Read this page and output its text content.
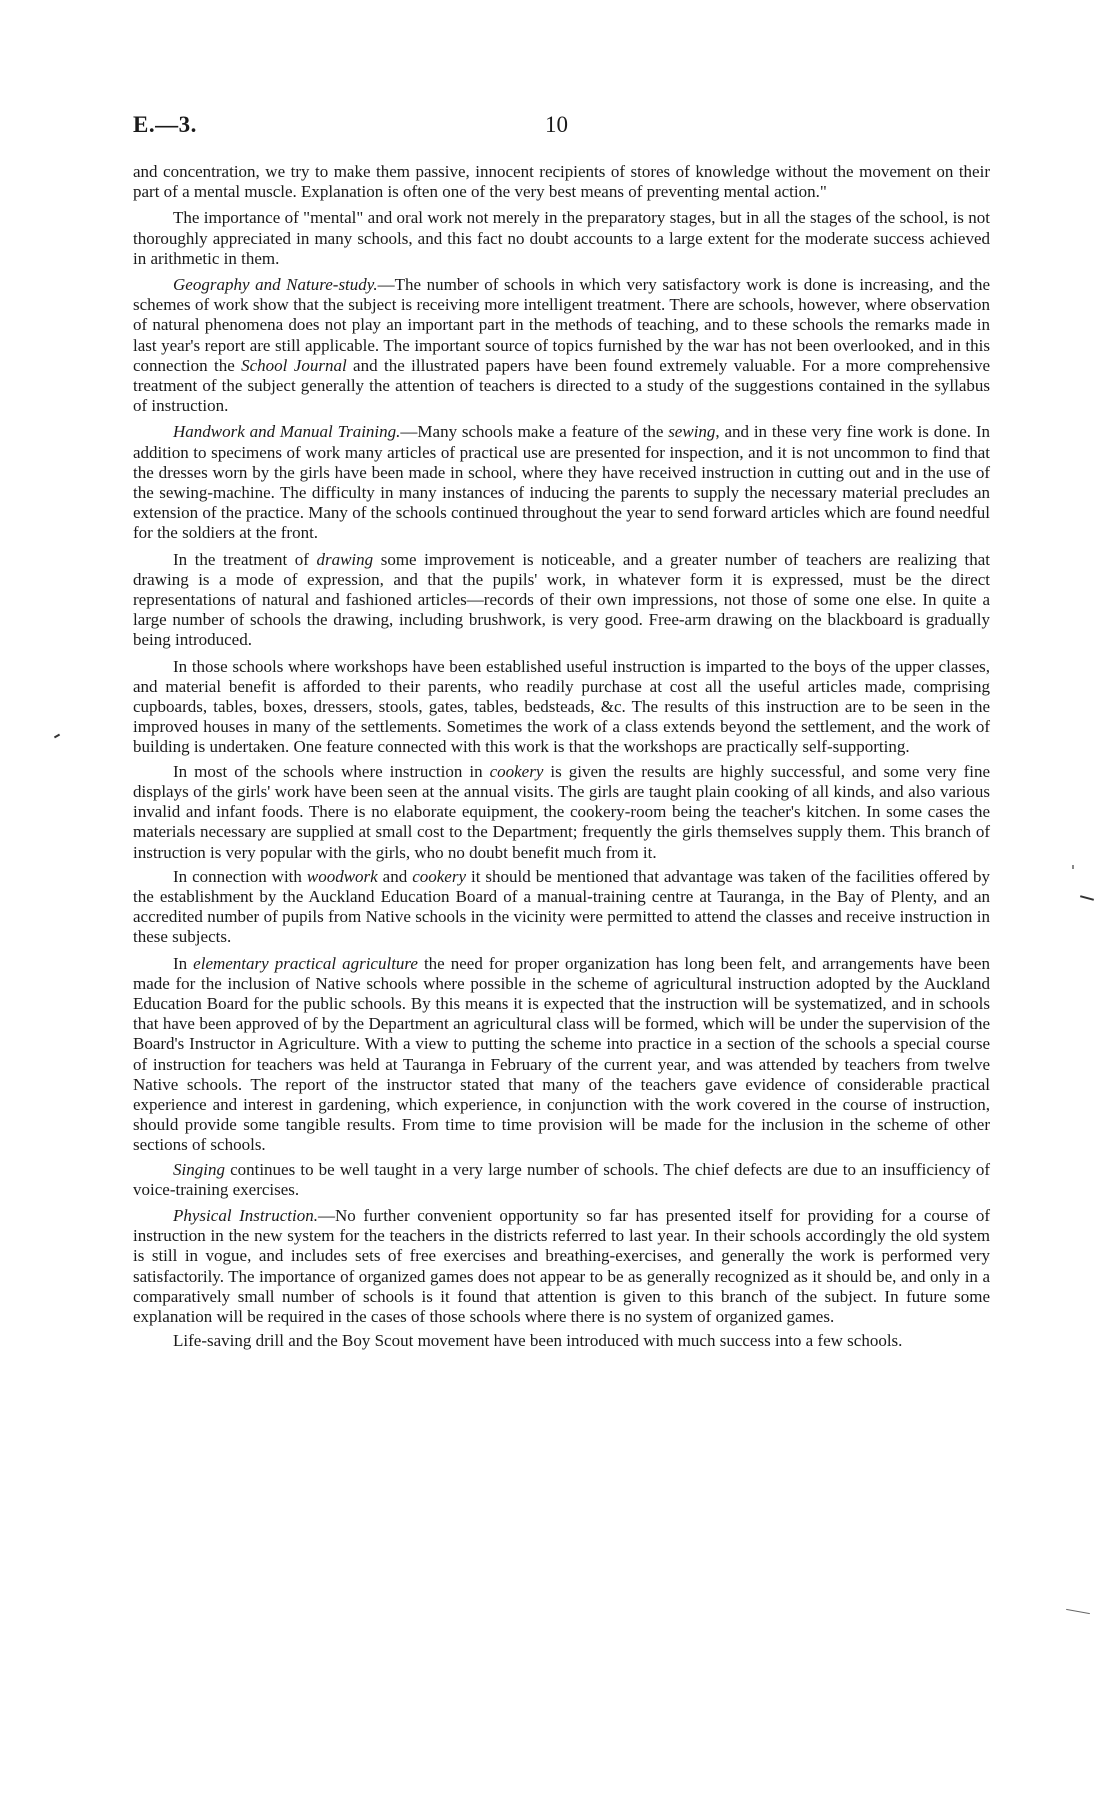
E.—3.	10

and concentration, we try to make them passive, innocent recipients of stores of knowledge without the movement on their part of a mental muscle. Explanation is often one of the very best means of preventing mental action."

The importance of "mental" and oral work not merely in the preparatory stages, but in all the stages of the school, is not thoroughly appreciated in many schools, and this fact no doubt accounts to a large extent for the moderate success achieved in arithmetic in them.

Geography and Nature-study.—The number of schools in which very satisfactory work is done is increasing, and the schemes of work show that the subject is receiving more intelligent treatment. There are schools, however, where observation of natural phenomena does not play an important part in the methods of teaching, and to these schools the remarks made in last year's report are still applicable. The important source of topics furnished by the war has not been overlooked, and in this connection the School Journal and the illustrated papers have been found extremely valuable. For a more comprehensive treatment of the subject generally the attention of teachers is directed to a study of the suggestions contained in the syllabus of instruction.

Handwork and Manual Training.—Many schools make a feature of the sewing, and in these very fine work is done. In addition to specimens of work many articles of practical use are presented for inspection, and it is not uncommon to find that the dresses worn by the girls have been made in school, where they have received instruction in cutting out and in the use of the sewing-machine. The difficulty in many instances of inducing the parents to supply the necessary material precludes an extension of the practice. Many of the schools continued throughout the year to send forward articles which are found needful for the soldiers at the front.

In the treatment of drawing some improvement is noticeable, and a greater number of teachers are realizing that drawing is a mode of expression, and that the pupils' work, in whatever form it is expressed, must be the direct representations of natural and fashioned articles—records of their own impressions, not those of some one else. In quite a large number of schools the drawing, including brushwork, is very good. Free-arm drawing on the blackboard is gradually being introduced.

In those schools where workshops have been established useful instruction is imparted to the boys of the upper classes, and material benefit is afforded to their parents, who readily purchase at cost all the useful articles made, comprising cupboards, tables, boxes, dressers, stools, gates, tables, bedsteads, &c. The results of this instruction are to be seen in the improved houses in many of the settlements. Sometimes the work of a class extends beyond the settlement, and the work of building is undertaken. One feature connected with this work is that the workshops are practically self-supporting.

In most of the schools where instruction in cookery is given the results are highly successful, and some very fine displays of the girls' work have been seen at the annual visits. The girls are taught plain cooking of all kinds, and also various invalid and infant foods. There is no elaborate equipment, the cookery-room being the teacher's kitchen. In some cases the materials necessary are supplied at small cost to the Department; frequently the girls themselves supply them. This branch of instruction is very popular with the girls, who no doubt benefit much from it.

In connection with woodwork and cookery it should be mentioned that advantage was taken of the facilities offered by the establishment by the Auckland Education Board of a manual-training centre at Tauranga, in the Bay of Plenty, and an accredited number of pupils from Native schools in the vicinity were permitted to attend the classes and receive instruction in these subjects.

In elementary practical agriculture the need for proper organization has long been felt, and arrangements have been made for the inclusion of Native schools where possible in the scheme of agricultural instruction adopted by the Auckland Education Board for the public schools. By this means it is expected that the instruction will be systematized, and in schools that have been approved of by the Department an agricultural class will be formed, which will be under the supervision of the Board's Instructor in Agriculture. With a view to putting the scheme into practice in a section of the schools a special course of instruction for teachers was held at Tauranga in February of the current year, and was attended by teachers from twelve Native schools. The report of the instructor stated that many of the teachers gave evidence of considerable practical experience and interest in gardening, which experience, in conjunction with the work covered in the course of instruction, should provide some tangible results. From time to time provision will be made for the inclusion in the scheme of other sections of schools.

Singing continues to be well taught in a very large number of schools. The chief defects are due to an insufficiency of voice-training exercises.

Physical Instruction.—No further convenient opportunity so far has presented itself for providing for a course of instruction in the new system for the teachers in the districts referred to last year. In their schools accordingly the old system is still in vogue, and includes sets of free exercises and breathing-exercises, and generally the work is performed very satisfactorily. The importance of organized games does not appear to be as generally recognized as it should be, and only in a comparatively small number of schools is it found that attention is given to this branch of the subject. In future some explanation will be required in the cases of those schools where there is no system of organized games.

Life-saving drill and the Boy Scout movement have been introduced with much success into a few schools.
